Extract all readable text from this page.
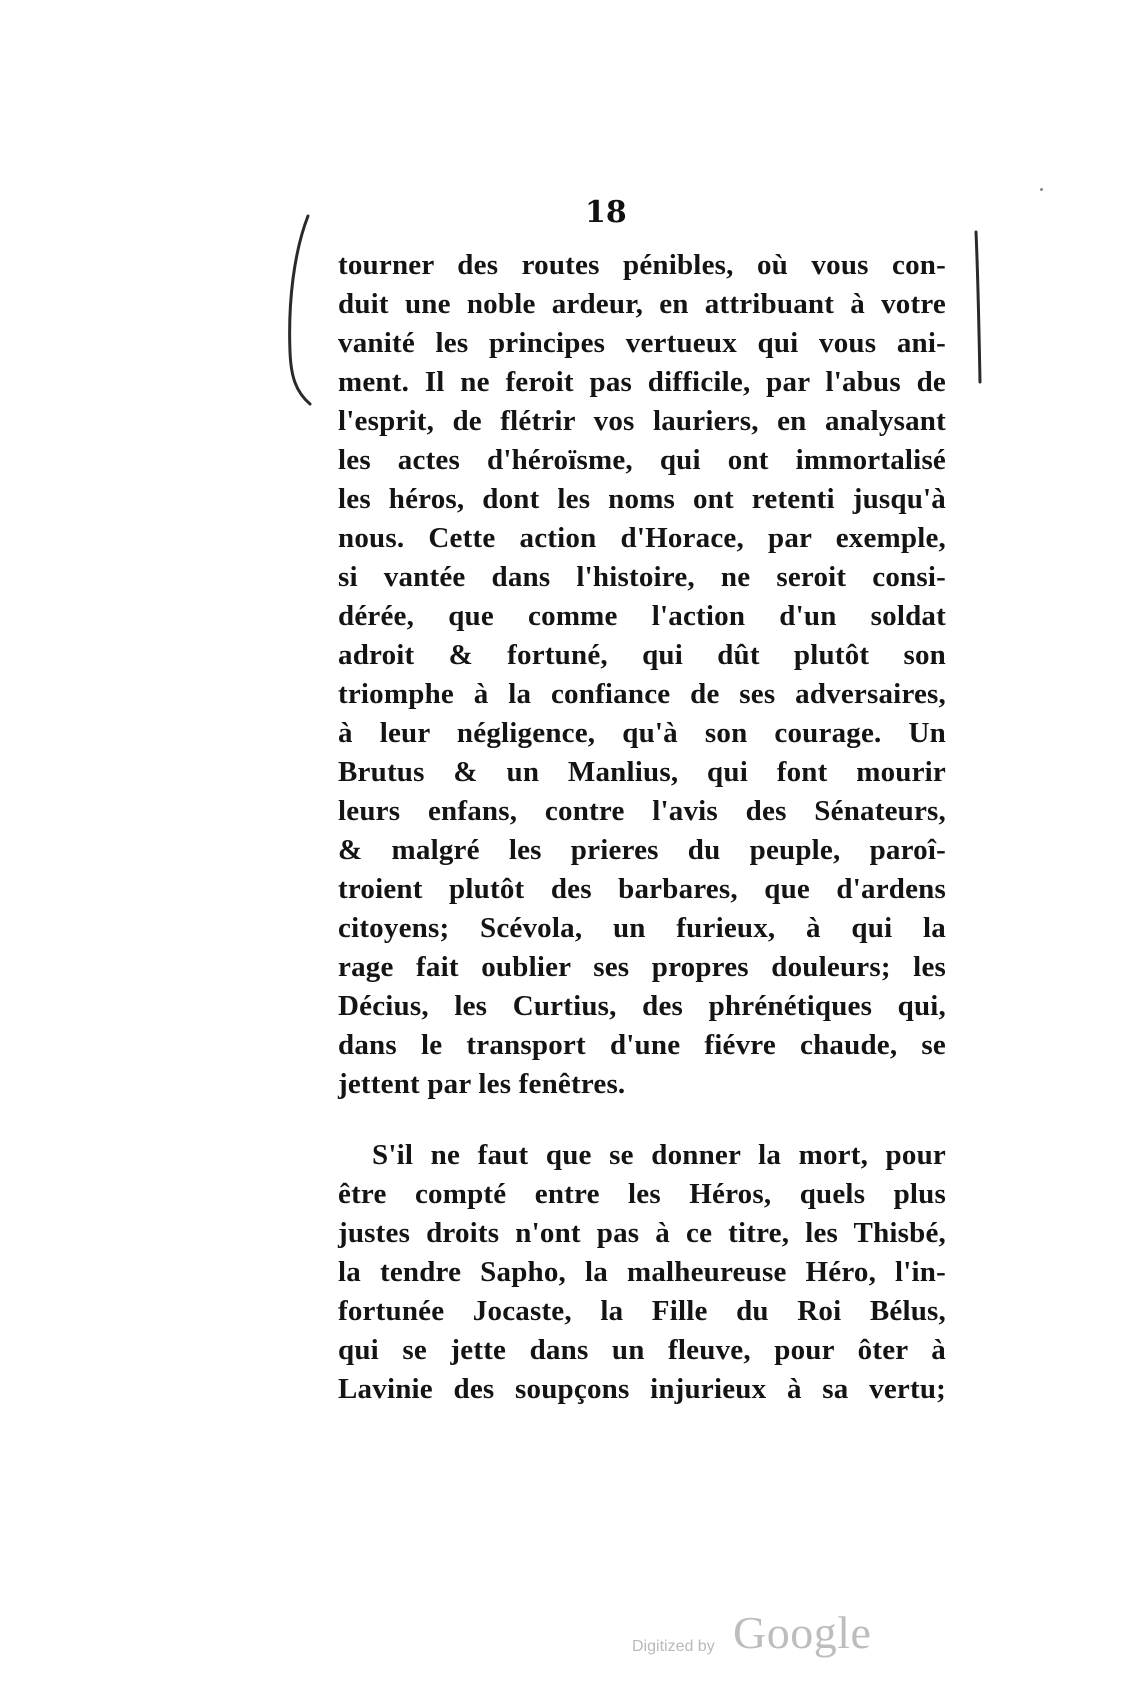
18
tourner des routes pénibles, où vous con-
duit une noble ardeur, en attribuant à votre
vanité les principes vertueux qui vous ani-
ment. Il ne feroit pas difficile, par l'abus de
l'esprit, de flétrir vos lauriers, en analysant
les actes d'héroïsme, qui ont immortalisé
les héros, dont les noms ont retenti jusqu'à
nous. Cette action d'Horace, par exemple,
si vantée dans l'histoire, ne seroit consi-
dérée, que comme l'action d'un soldat
adroit & fortuné, qui dût plutôt son
triomphe à la confiance de ses adversaires,
à leur négligence, qu'à son courage. Un
Brutus & un Manlius, qui font mourir
leurs enfans, contre l'avis des Sénateurs,
& malgré les prieres du peuple, paroî-
troient plutôt des barbares, que d'ardens
citoyens; Scévola, un furieux, à qui la
rage fait oublier ses propres douleurs; les
Décius, les Curtius, des phrénétiques qui,
dans le transport d'une fiévre chaude, se
jettent par les fenêtres.
S'il ne faut que se donner la mort, pour
être compté entre les Héros, quels plus
justes droits n'ont pas à ce titre, les Thisbé,
la tendre Sapho, la malheureuse Héro, l'in-
fortunée Jocaste, la Fille du Roi Bélus,
qui se jette dans un fleuve, pour ôter à
Lavinie des soupçons injurieux à sa vertu;
Digitized by Google
